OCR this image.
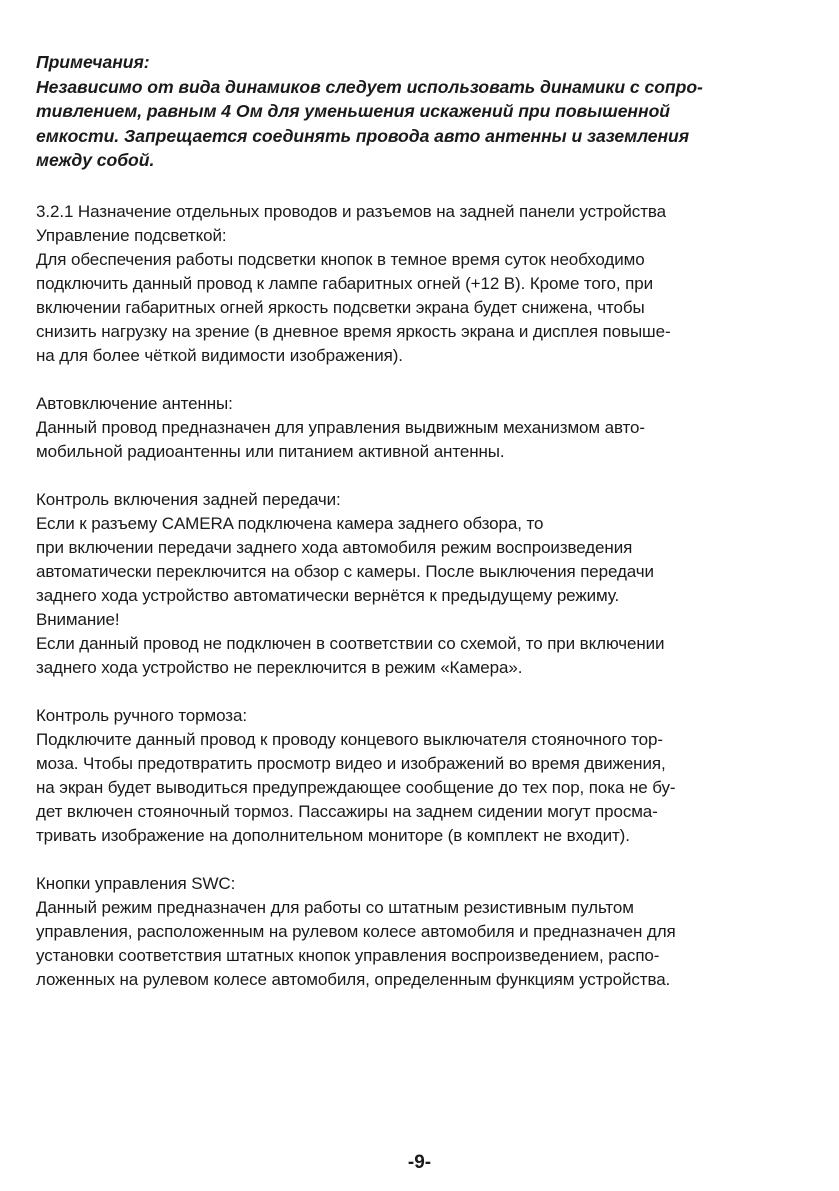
Примечания:
Независимо от вида динамиков следует использовать динамики с сопро-
тивлением, равным 4 Ом для уменьшения искажений при повышенной
емкости. Запрещается соединять провода авто антенны и заземления
между собой.
3.2.1 Назначение отдельных проводов и разъемов на задней панели устройства
Управление подсветкой:
Для обеспечения работы подсветки кнопок в темное время суток необходимо
подключить данный провод к лампе габаритных огней (+12 В). Кроме того, при
включении габаритных огней яркость подсветки экрана будет снижена, чтобы
снизить нагрузку на зрение (в дневное время яркость экрана и дисплея повыше-
на для более чёткой видимости изображения).
Автовключение антенны:
Данный провод предназначен для управления выдвижным механизмом авто-
мобильной радиоантенны или питанием активной антенны.
Контроль включения задней передачи:
Если к разъему CAMERA подключена камера заднего обзора, то
при включении передачи заднего хода автомобиля режим воспроизведения
автоматически переключится на обзор с камеры. После выключения передачи
заднего хода устройство автоматически вернётся к предыдущему режиму.
Внимание!
Если данный провод не подключен в соответствии со схемой, то при включении
заднего хода устройство не переключится в режим «Камера».
Контроль ручного тормоза:
Подключите данный провод к проводу концевого выключателя стояночного тор-
моза. Чтобы предотвратить просмотр видео и изображений во время движения,
на экран будет выводиться предупреждающее сообщение до тех пор, пока не бу-
дет включен стояночный тормоз. Пассажиры на заднем сидении могут просма-
тривать изображение на дополнительном мониторе (в комплект не входит).
Кнопки управления SWC:
Данный режим предназначен для работы со штатным резистивным пультом
управления, расположенным на рулевом колесе автомобиля и предназначен для
установки соответствия штатных кнопок управления воспроизведением, распо-
ложенных на рулевом колесе автомобиля, определенным функциям устройства.
-9-
